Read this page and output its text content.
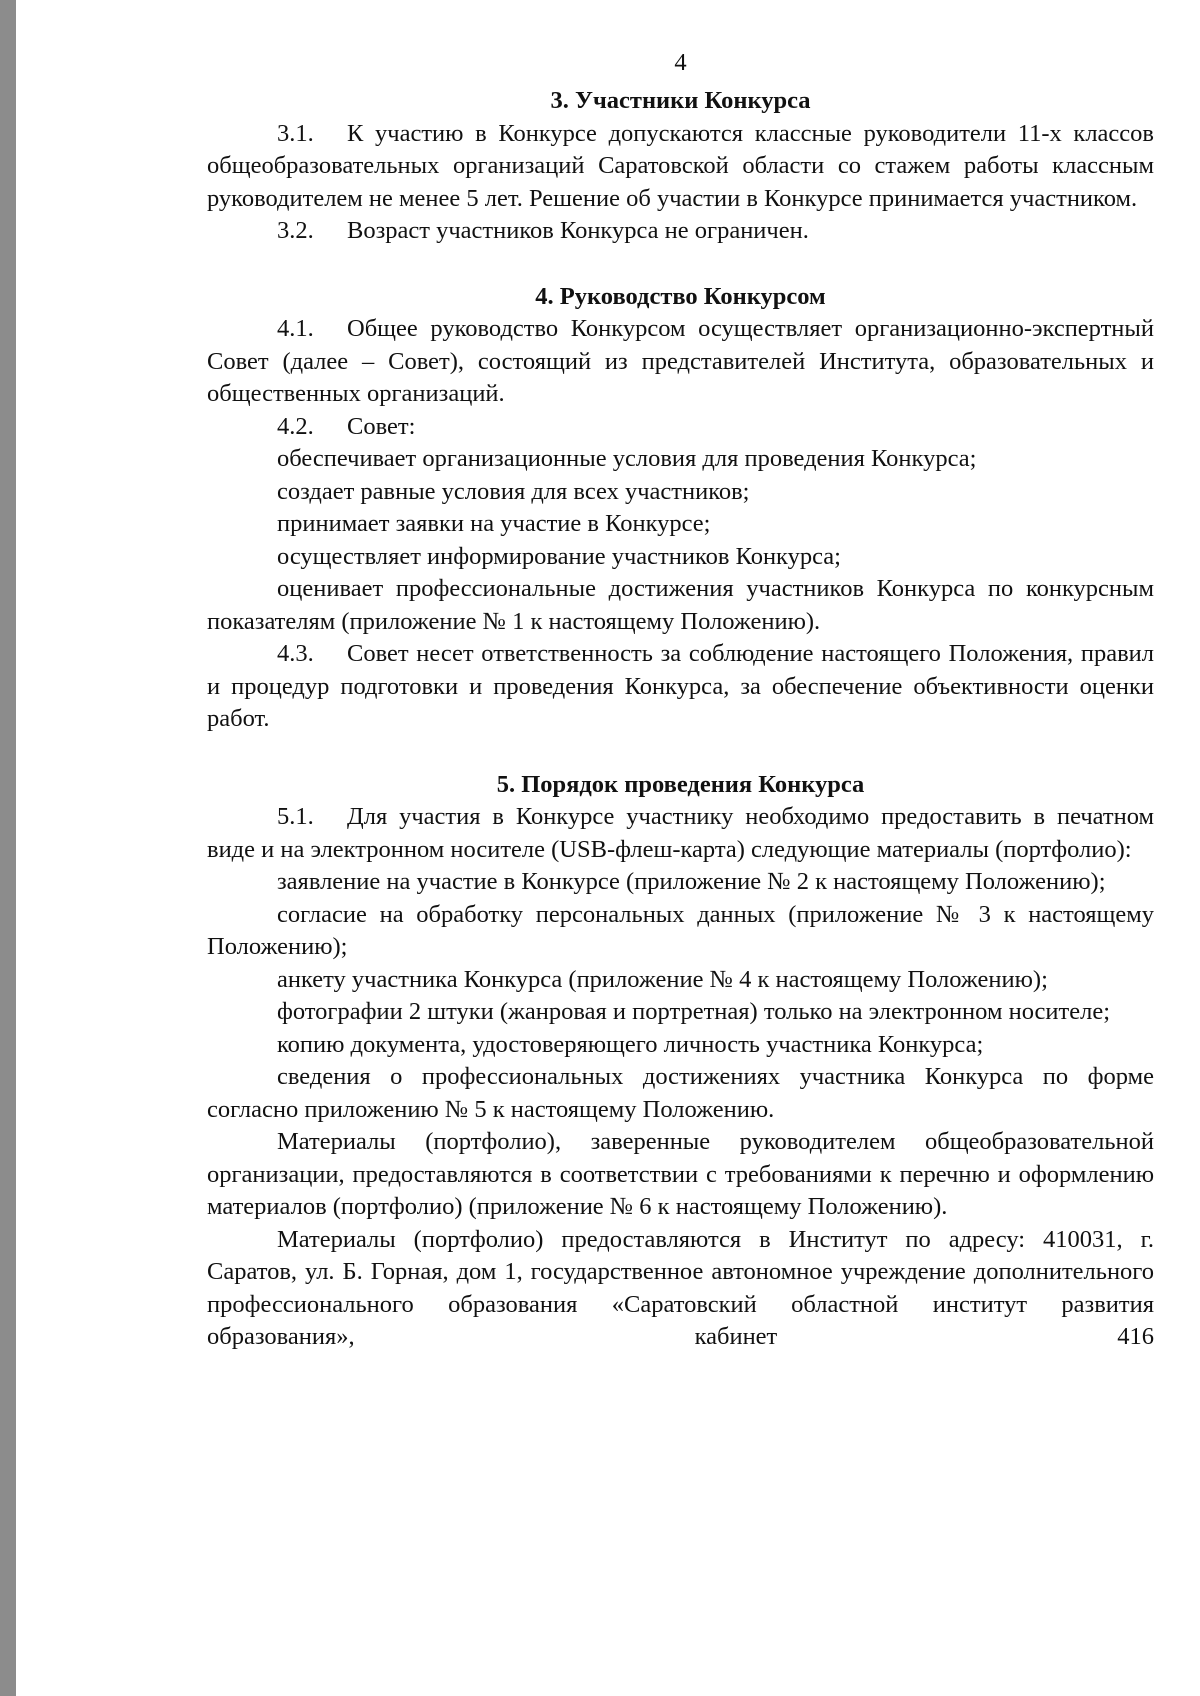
4
3. Участники Конкурса

3.1. К участию в Конкурсе допускаются классные руководители 11-х классов общеобразовательных организаций Саратовской области со стажем работы классным руководителем не менее 5 лет. Решение об участии в Конкурсе принимается участником.

3.2. Возраст участников Конкурса не ограничен.

4. Руководство Конкурсом

4.1. Общее руководство Конкурсом осуществляет организационно-экспертный Совет (далее – Совет), состоящий из представителей Института, образовательных и общественных организаций.

4.2. Совет:

обеспечивает организационные условия для проведения Конкурса;

создает равные условия для всех участников;

принимает заявки на участие в Конкурсе;

осуществляет информирование участников Конкурса;

оценивает профессиональные достижения участников Конкурса по конкурсным показателям (приложение № 1 к настоящему Положению).

4.3. Совет несет ответственность за соблюдение настоящего Положения, правил и процедур подготовки и проведения Конкурса, за обеспечение объективности оценки работ.

5. Порядок проведения Конкурса

5.1. Для участия в Конкурсе участнику необходимо предоставить в печатном виде и на электронном носителе (USB-флеш-карта) следующие материалы (портфолио):

заявление на участие в Конкурсе (приложение № 2 к настоящему Положению);

согласие на обработку персональных данных (приложение № 3 к настоящему Положению);

анкету участника Конкурса (приложение № 4 к настоящему Положению);

фотографии 2 штуки (жанровая и портретная) только на электронном носителе;

копию документа, удостоверяющего личность участника Конкурса;

сведения о профессиональных достижениях участника Конкурса по форме согласно приложению № 5 к настоящему Положению.

Материалы (портфолио), заверенные руководителем общеобразовательной организации, предоставляются в соответствии с требованиями к перечню и оформлению материалов (портфолио) (приложение № 6 к настоящему Положению).

Материалы (портфолио) предоставляются в Институт по адресу: 410031, г. Саратов, ул. Б. Горная, дом 1, государственное автономное учреждение дополнительного профессионального образования «Саратовский областной институт развития образования», кабинет 416
